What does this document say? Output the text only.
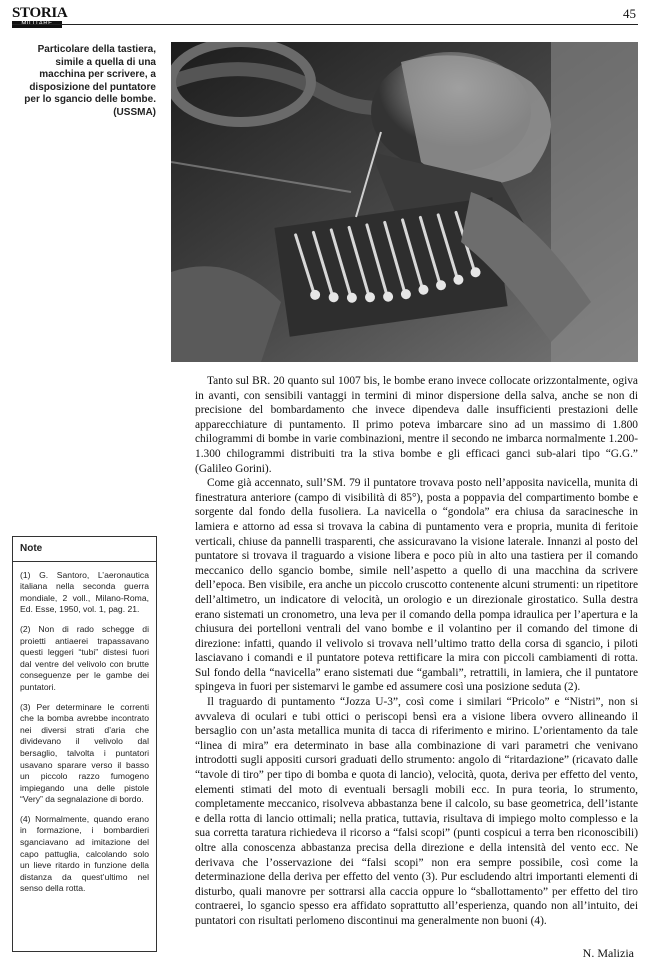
STORIA
MILITARE
45
Particolare della tastiera, simile a quella di una macchina per scrivere, a disposizione del puntatore per lo sgancio delle bombe. (USSMA)

Tanto sul BR. 20 quanto sul 1007 bis, le bombe erano invece collocate orizzontalmente, ogiva in avanti, con sensibili vantaggi in termini di minor dispersione della salva, anche se non di precisione del bombardamento che invece dipendeva dalle insufficienti prestazioni delle apparecchiature di puntamento. Il primo poteva imbarcare sino ad un massimo di 1.800 chilogrammi di bombe in varie combinazioni, mentre il secondo ne imbarca normalmente 1.200-1.300 chilogrammi distribuiti tra la stiva bombe e gli efficaci ganci sub-alari tipo “G.G.” (Galileo Gorini).

Come già accennato, sull’SM. 79 il puntatore trovava posto nell’apposita navicella, munita di finestratura anteriore (campo di visibilità di 85°), posta a poppavia del compartimento bombe e sorgente dal fondo della fusoliera. La navicella o “gondola” era chiusa da saracinesche in lamiera e attorno ad essa si trovava la cabina di puntamento vera e propria, munita di feritoie verticali, chiuse da pannelli trasparenti, che assicuravano la visione laterale. Innanzi al posto del puntatore si trovava il traguardo a visione libera e poco più in alto una tastiera per il comando meccanico dello sgancio bombe, simile nell’aspetto a quello di una macchina da scrivere dell’epoca. Ben visibile, era anche un piccolo cruscotto contenente alcuni strumenti: un ripetitore dell’altimetro, un indicatore di velocità, un orologio e un direzionale girostatico. Sulla destra erano sistemati un cronometro, una leva per il comando della pompa idraulica per l’apertura e la chiusura dei portelloni ventrali del vano bombe e il volantino per il comando del timone di direzione: infatti, quando il velivolo si trovava nell’ultimo tratto della corsa di sgancio, i piloti lasciavano i comandi e il puntatore poteva rettificare la mira con piccoli cambiamenti di rotta. Sul fondo della “navicella” erano sistemati due “gambali”, retrattili, in lamiera, che il puntatore spingeva in fuori per sistemarvi le gambe ed assumere così una posizione seduta (2).

Il traguardo di puntamento “Jozza U-3”, così come i similari “Pricolo” e “Nistri”, non si avvaleva di oculari e tubi ottici o periscopi bensì era a visione libera ovvero allineando il bersaglio con un’asta metallica munita di tacca di riferimento e mirino. L’orientamento da tale “linea di mira” era determinato in base alla combinazione di vari parametri che venivano introdotti sugli appositi cursori graduati dello strumento: angolo di “ritardazione” (ricavato dalle “tavole di tiro” per tipo di bomba e quota di lancio), velocità, quota, deriva per effetto del vento, elementi stimati del moto di eventuali bersagli mobili ecc. In pura teoria, lo strumento, completamente meccanico, risolveva abbastanza bene il calcolo, su base geometrica, dell’istante e della rotta di lancio ottimali; nella pratica, tuttavia, risultava di impiego molto complesso e la sua corretta taratura richiedeva il ricorso a “falsi scopi” (punti cospicui a terra ben riconoscibili) oltre alla conoscenza abbastanza precisa della direzione e della intensità del vento ecc. Ne derivava che l’osservazione dei “falsi scopi” non era sempre possibile, così come la determinazione della deriva per effetto del vento (3). Pur escludendo altri importanti elementi di disturbo, quali manovre per sottrarsi alla caccia oppure lo “sballottamento” per effetto del tiro contraerei, lo sgancio spesso era affidato soprattutto all’esperienza, quando non all’intuito, dei puntatori con risultati perlomeno discontinui ma generalmente non buoni (4).

Note

(1) G. Santoro, L’aeronautica italiana nella seconda guerra mondiale, 2 voll., Milano-Roma, Ed. Esse, 1950, vol. 1, pag. 21.

(2) Non di rado schegge di proietti antiaerei trapassavano questi leggeri “tubi” distesi fuori dal ventre del velivolo con brutte conseguenze per le gambe dei puntatori.

(3) Per determinare le correnti che la bomba avrebbe incontrato nei diversi strati d’aria che dividevano il velivolo dal bersaglio, talvolta i puntatori usavano sparare verso il basso un piccolo razzo fumogeno impiegando una delle pistole “Very” da segnalazione di bordo.

(4) Normalmente, quando erano in formazione, i bombardieri sganciavano ad imitazione del capo pattuglia, calcolando solo un lieve ritardo in funzione della distanza da quest’ultimo nel senso della rotta.

N. Malizia
